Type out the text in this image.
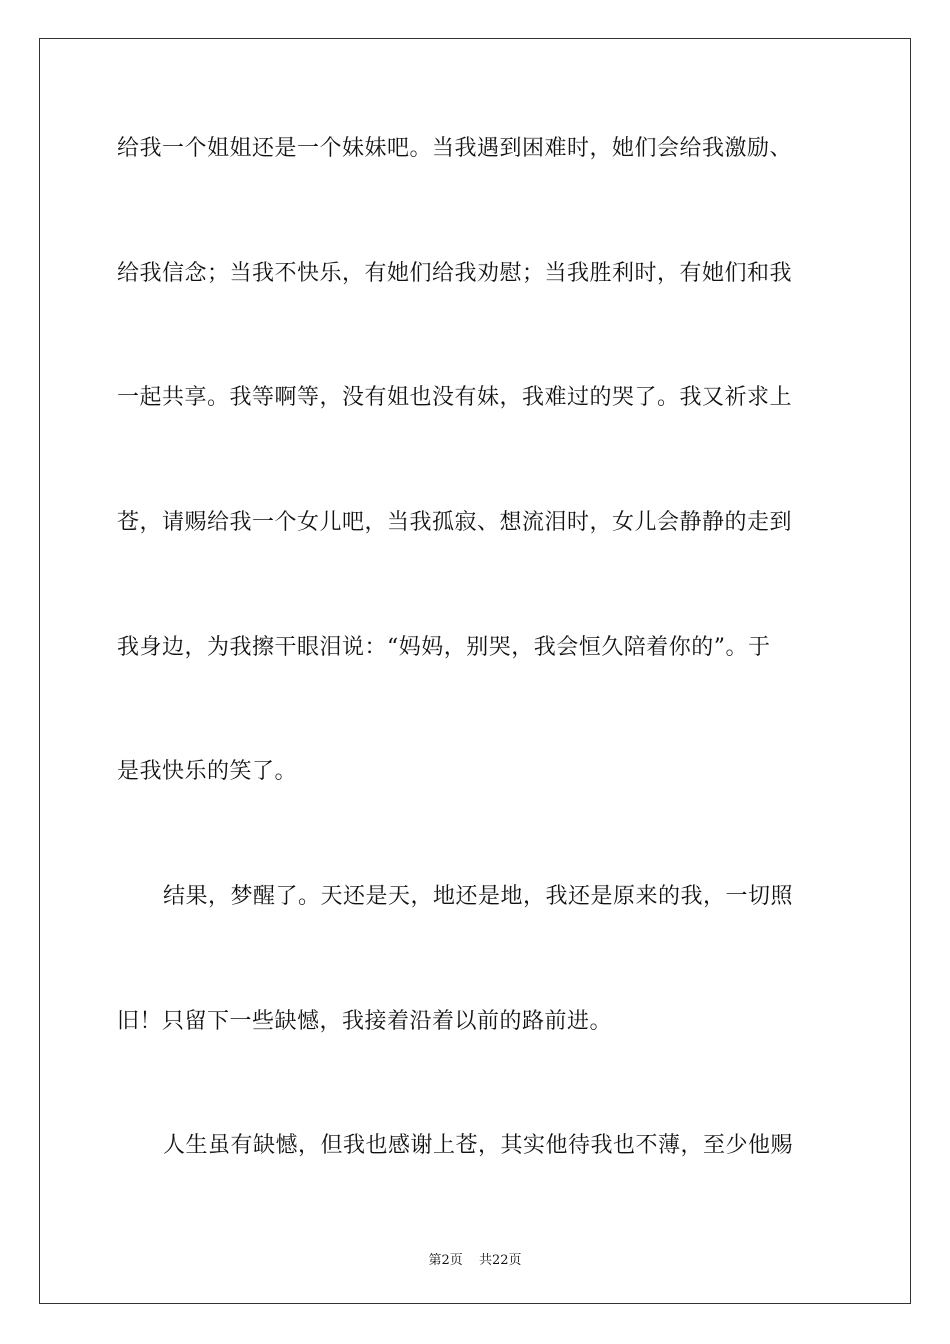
给我一个姐姐还是一个妹妹吧。当我遇到困难时，她们会给我激励、
给我信念；当我不快乐，有她们给我劝慰；当我胜利时，有她们和我
一起共享。我等啊等，没有姐也没有妹，我难过的哭了。我又祈求上
苍，请赐给我一个女儿吧，当我孤寂、想流泪时，女儿会静静的走到
我身边，为我擦干眼泪说：“妈妈，别哭，我会恒久陪着你的”。于
是我快乐的笑了。
结果，梦醒了。天还是天，地还是地，我还是原来的我，一切照
旧！只留下一些缺憾，我接着沿着以前的路前进。
人生虽有缺憾，但我也感谢上苍，其实他待我也不薄，至少他赐
第2页 共22页
